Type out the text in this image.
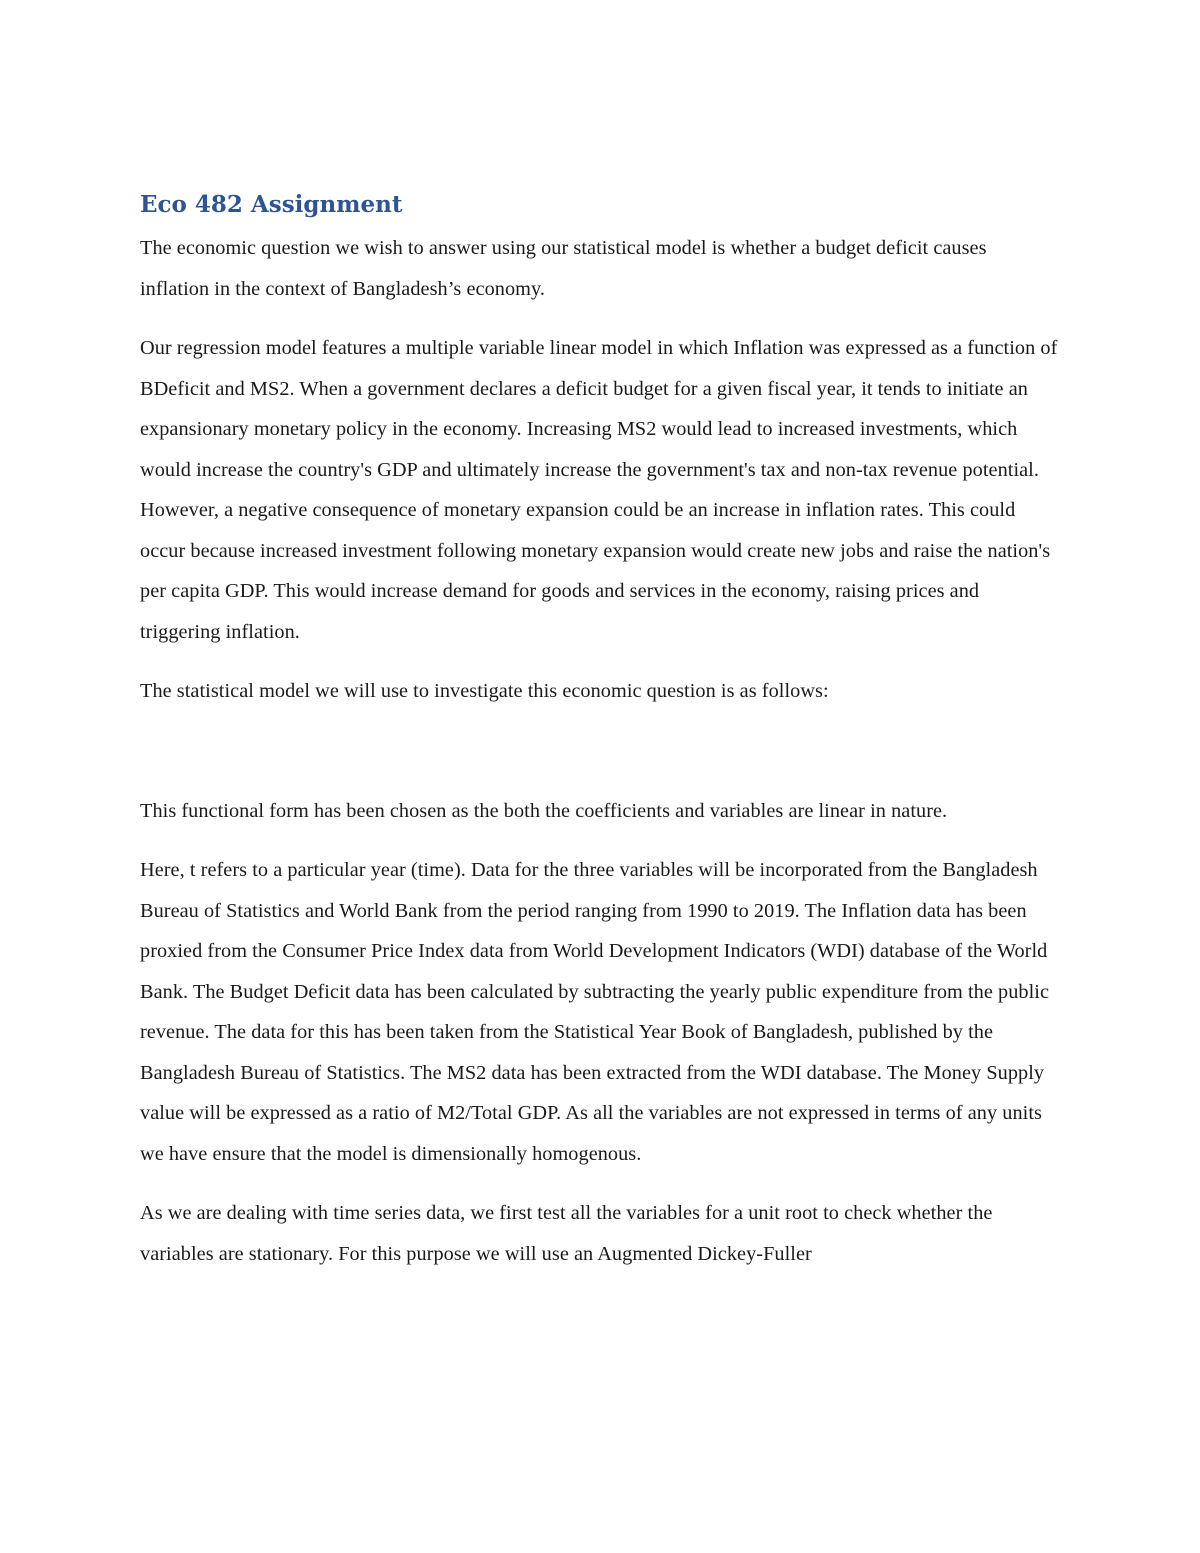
Eco 482 Assignment

The economic question we wish to answer using our statistical model is whether a budget deficit causes inflation in the context of Bangladesh’s economy.

Our regression model features a multiple variable linear model in which Inflation was expressed as a function of BDeficit and MS2. When a government declares a deficit budget for a given fiscal year, it tends to initiate an expansionary monetary policy in the economy. Increasing MS2 would lead to increased investments, which would increase the country's GDP and ultimately increase the government's tax and non-tax revenue potential. However, a negative consequence of monetary expansion could be an increase in inflation rates. This could occur because increased investment following monetary expansion would create new jobs and raise the nation's per capita GDP. This would increase demand for goods and services in the economy, raising prices and triggering inflation.

The statistical model we will use to investigate this economic question is as follows:

This functional form has been chosen as the both the coefficients and variables are linear in nature.

Here, t refers to a particular year (time). Data for the three variables will be incorporated from the Bangladesh Bureau of Statistics and World Bank from the period ranging from 1990 to 2019. The Inflation data has been proxied from the Consumer Price Index data from World Development Indicators (WDI) database of the World Bank. The Budget Deficit data has been calculated by subtracting the yearly public expenditure from the public revenue. The data for this has been taken from the Statistical Year Book of Bangladesh, published by the Bangladesh Bureau of Statistics. The MS2 data has been extracted from the WDI database. The Money Supply value will be expressed as a ratio of M2/Total GDP. As all the variables are not expressed in terms of any units we have ensure that the model is dimensionally homogenous.

As we are dealing with time series data, we first test all the variables for a unit root to check whether the variables are stationary. For this purpose we will use an Augmented Dickey-Fuller
